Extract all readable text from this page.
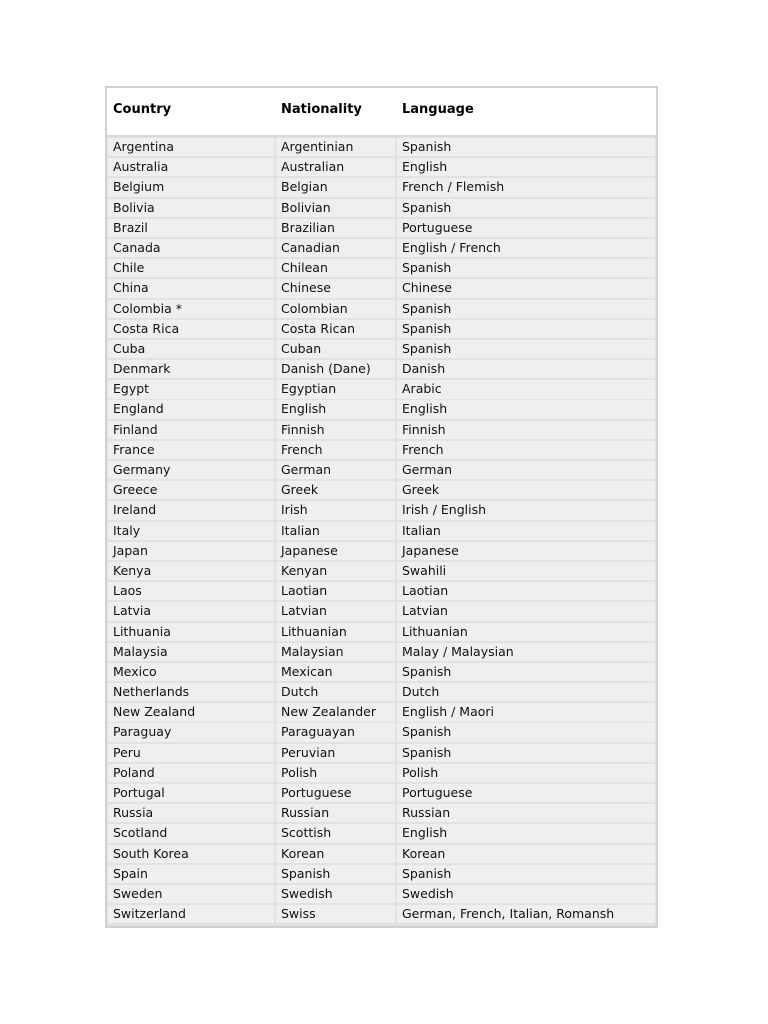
Country	Nationality	Language
Argentina	Argentinian	Spanish
Australia	Australian	English
Belgium	Belgian	French / Flemish
Bolivia	Bolivian	Spanish
Brazil	Brazilian	Portuguese
Canada	Canadian	English / French
Chile	Chilean	Spanish
China	Chinese	Chinese
Colombia *	Colombian	Spanish
Costa Rica	Costa Rican	Spanish
Cuba	Cuban	Spanish
Denmark	Danish (Dane)	Danish
Egypt	Egyptian	Arabic
England	English	English
Finland	Finnish	Finnish
France	French	French
Germany	German	German
Greece	Greek	Greek
Ireland	Irish	Irish / English
Italy	Italian	Italian
Japan	Japanese	Japanese
Kenya	Kenyan	Swahili
Laos	Laotian	Laotian
Latvia	Latvian	Latvian
Lithuania	Lithuanian	Lithuanian
Malaysia	Malaysian	Malay / Malaysian
Mexico	Mexican	Spanish
Netherlands	Dutch	Dutch
New Zealand	New Zealander	English / Maori
Paraguay	Paraguayan	Spanish
Peru	Peruvian	Spanish
Poland	Polish	Polish
Portugal	Portuguese	Portuguese
Russia	Russian	Russian
Scotland	Scottish	English
South Korea	Korean	Korean
Spain	Spanish	Spanish
Sweden	Swedish	Swedish
Switzerland	Swiss	German, French, Italian, Romansh
